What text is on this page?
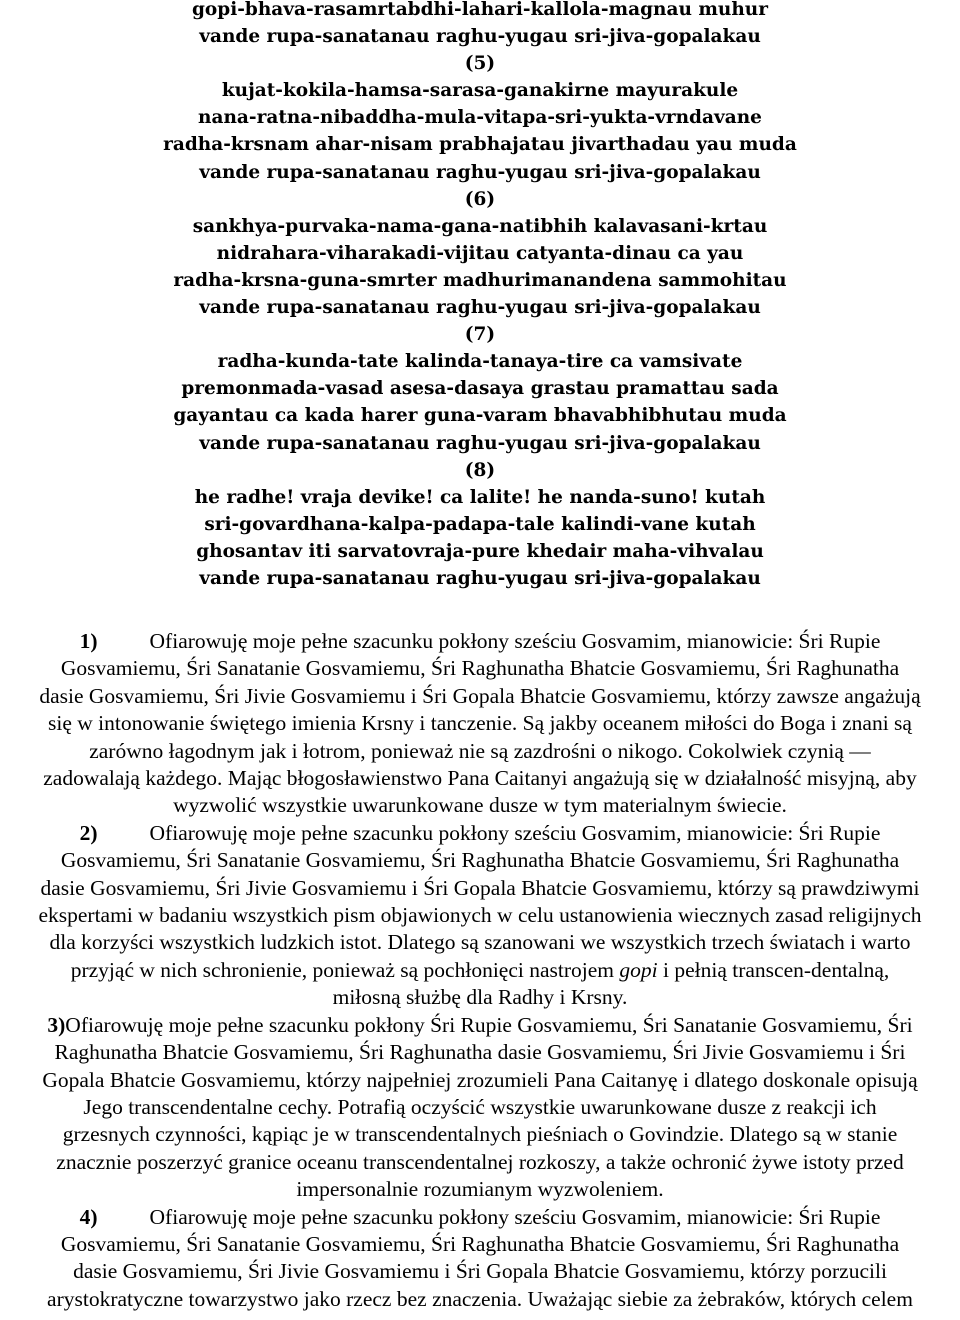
gopi-bhava-rasamrtabdhi-lahari-kallola-magnau muhur
vande rupa-sanatanau raghu-yugau sri-jiva-gopalakau
(5)
kujat-kokila-hamsa-sarasa-ganakirne mayurakule
nana-ratna-nibaddha-mula-vitapa-sri-yukta-vrndavane
radha-krsnam ahar-nisam prabhajatau jivarthadau yau muda
vande rupa-sanatanau raghu-yugau sri-jiva-gopalakau
(6)
sankhya-purvaka-nama-gana-natibhih kalavasani-krtau
nidrahara-viharakadi-vijitau catyanta-dinau ca yau
radha-krsna-guna-smrter madhurimanandena sammohitau
vande rupa-sanatanau raghu-yugau sri-jiva-gopalakau
(7)
radha-kunda-tate kalinda-tanaya-tire ca vamsivate
premonmada-vasad asesa-dasaya grastau pramattau sada
gayantau ca kada harer guna-varam bhavabhibhutau muda
vande rupa-sanatanau raghu-yugau sri-jiva-gopalakau
(8)
he radhe! vraja devike! ca lalite! he nanda-suno! kutah
sri-govardhana-kalpa-padapa-tale kalindi-vane kutah
ghosantav iti sarvatovraja-pure khedair maha-vihvalau
vande rupa-sanatanau raghu-yugau sri-jiva-gopalakau
1) Ofiarowuję moje pełne szacunku pokłony sześciu Gosvamim, mianowicie: Śri Rupie
Gosvamiemu, Śri Sanatanie Gosvamiemu, Śri Raghunatha Bhatcie Gosvamiemu, Śri Raghunatha
dasie Gosvamiemu, Śri Jivie Gosvamiemu i Śri Gopala Bhatcie Gosvamiemu, którzy zawsze angażują
się w intonowanie świętego imienia Krsny i tanczenie. Są jakby oceanem miłości do Boga i znani są
zarówno łagodnym jak i łotrom, ponieważ nie są zazdrośni o nikogo. Cokolwiek czynią —
zadowalają każdego. Mając błogosławienstwo Pana Caitanyi angażują się w działalność misyjną, aby
wyzwolić wszystkie uwarunkowane dusze w tym materialnym świecie.
2) Ofiarowuję moje pełne szacunku pokłony sześciu Gosvamim, mianowicie: Śri Rupie
Gosvamiemu, Śri Sanatanie Gosvamiemu, Śri Raghunatha Bhatcie Gosvamiemu, Śri Raghunatha
dasie Gosvamiemu, Śri Jivie Gosvamiemu i Śri Gopala Bhatcie Gosvamiemu, którzy są prawdziwymi
ekspertami w badaniu wszystkich pism objawionych w celu ustanowienia wiecznych zasad religijnych
dla korzyści wszystkich ludzkich istot. Dlatego są szanowani we wszystkich trzech światach i warto
przyjąć w nich schronienie, ponieważ są pochłonięci nastrojem gopi i pełnią transcen-dentalną,
miłosną służbę dla Radhy i Krsny.
3)Ofiarowuję moje pełne szacunku pokłony Śri Rupie Gosvamiemu, Śri Sanatanie Gosvamiemu, Śri
Raghunatha Bhatcie Gosvamiemu, Śri Raghunatha dasie Gosvamiemu, Śri Jivie Gosvamiemu i Śri
Gopala Bhatcie Gosvamiemu, którzy najpełniej zrozumieli Pana Caitanyę i dlatego doskonale opisują
Jego transcendentalne cechy. Potrafią oczyścić wszystkie uwarunkowane dusze z reakcji ich
grzesnych czynności, kąpiąc je w transcendentalnych pieśniach o Govindzie. Dlatego są w stanie
znacznie poszerzyć granice oceanu transcendentalnej rozkoszy, a także ochronić żywe istoty przed
impersonalnie rozumianym wyzwoleniem.
4) Ofiarowuję moje pełne szacunku pokłony sześciu Gosvamim, mianowicie: Śri Rupie
Gosvamiemu, Śri Sanatanie Gosvamiemu, Śri Raghunatha Bhatcie Gosvamiemu, Śri Raghunatha
dasie Gosvamiemu, Śri Jivie Gosvamiemu i Śri Gopala Bhatcie Gosvamiemu, którzy porzucili
arystokratyczne towarzystwo jako rzecz bez znaczenia. Uważając siebie za żebraków, których celem
